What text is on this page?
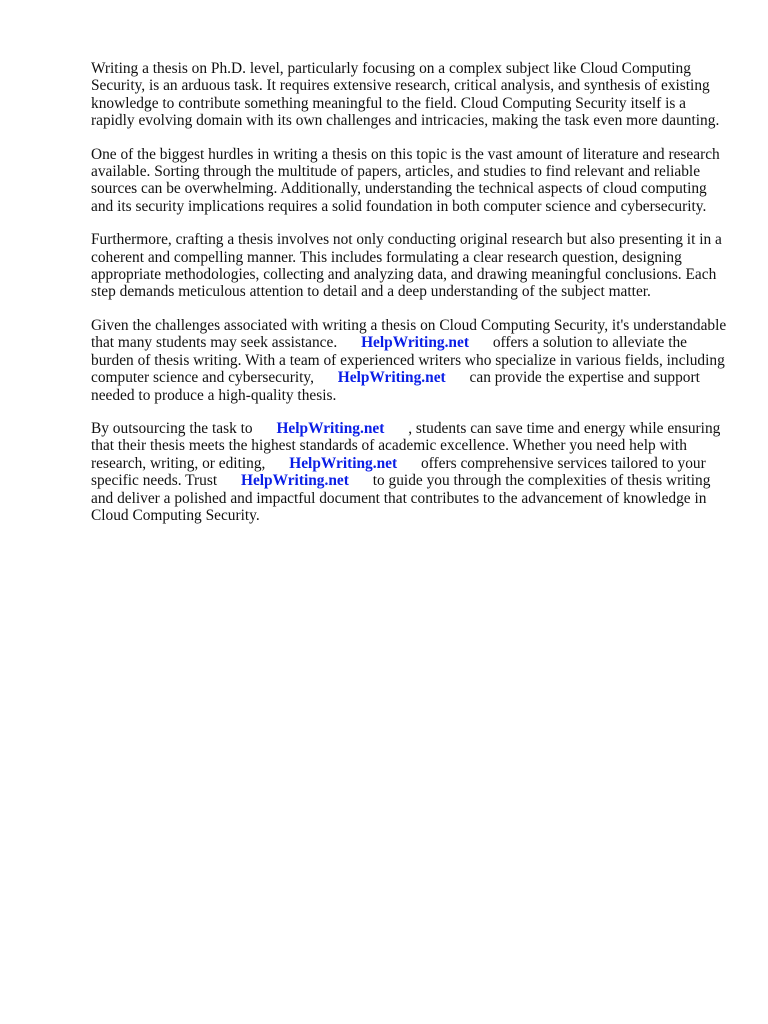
Writing a thesis on Ph.D. level, particularly focusing on a complex subject like Cloud Computing Security, is an arduous task. It requires extensive research, critical analysis, and synthesis of existing knowledge to contribute something meaningful to the field. Cloud Computing Security itself is a rapidly evolving domain with its own challenges and intricacies, making the task even more daunting.

One of the biggest hurdles in writing a thesis on this topic is the vast amount of literature and research available. Sorting through the multitude of papers, articles, and studies to find relevant and reliable sources can be overwhelming. Additionally, understanding the technical aspects of cloud computing and its security implications requires a solid foundation in both computer science and cybersecurity.

Furthermore, crafting a thesis involves not only conducting original research but also presenting it in a coherent and compelling manner. This includes formulating a clear research question, designing appropriate methodologies, collecting and analyzing data, and drawing meaningful conclusions. Each step demands meticulous attention to detail and a deep understanding of the subject matter.

Given the challenges associated with writing a thesis on Cloud Computing Security, it's understandable that many students may seek assistance. HelpWriting.net offers a solution to alleviate the burden of thesis writing. With a team of experienced writers who specialize in various fields, including computer science and cybersecurity, HelpWriting.net can provide the expertise and support needed to produce a high-quality thesis.

By outsourcing the task to HelpWriting.net , students can save time and energy while ensuring that their thesis meets the highest standards of academic excellence. Whether you need help with research, writing, or editing, HelpWriting.net offers comprehensive services tailored to your specific needs. Trust HelpWriting.net to guide you through the complexities of thesis writing and deliver a polished and impactful document that contributes to the advancement of knowledge in Cloud Computing Security.
